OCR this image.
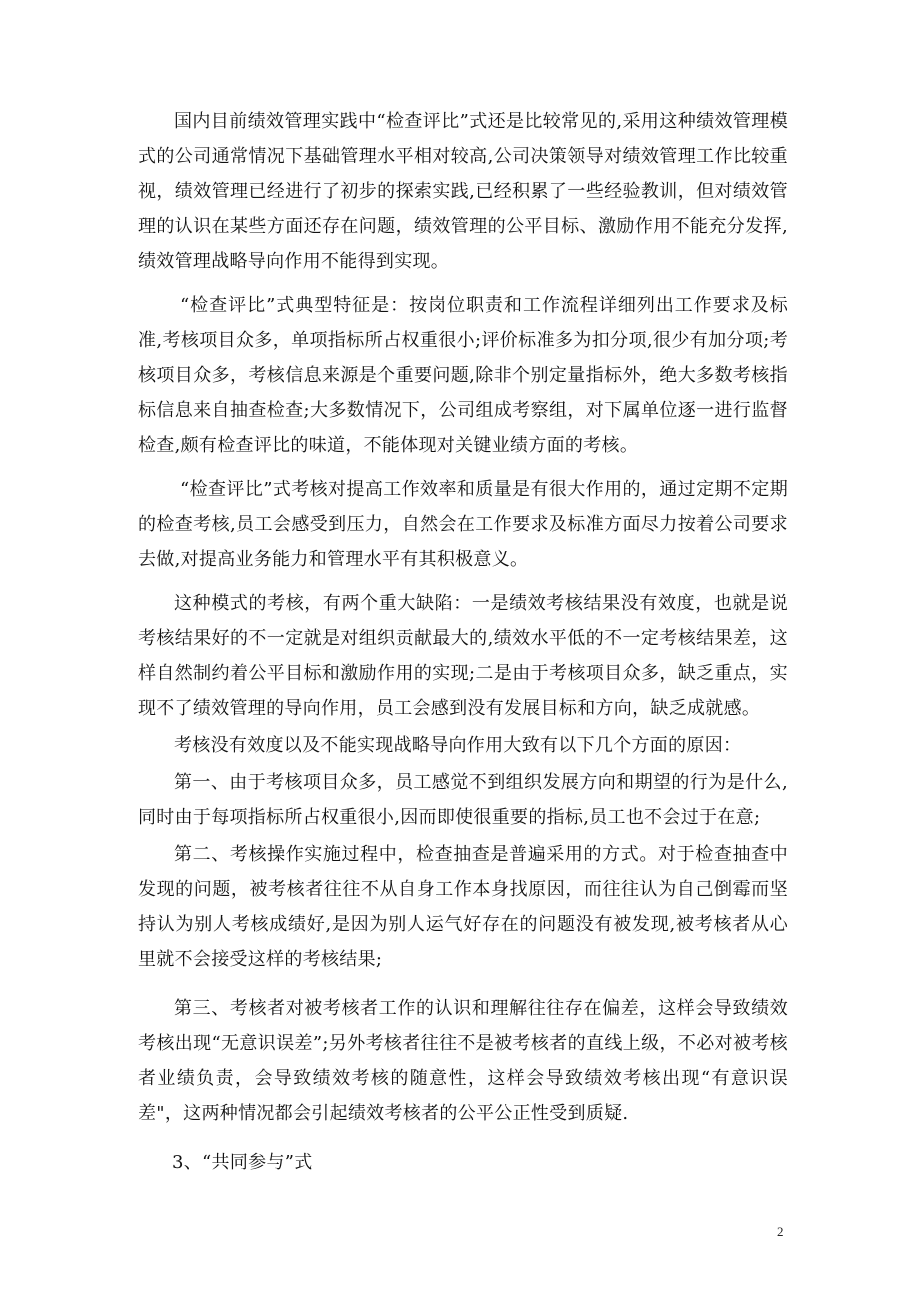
国内目前绩效管理实践中“检查评比”式还是比较常见的,采用这种绩效管理模式的公司通常情况下基础管理水平相对较高,公司决策领导对绩效管理工作比较重视，绩效管理已经进行了初步的探索实践,已经积累了一些经验教训，但对绩效管理的认识在某些方面还存在问题，绩效管理的公平目标、激励作用不能充分发挥,绩效管理战略导向作用不能得到实现。

“检查评比”式典型特征是：按岗位职责和工作流程详细列出工作要求及标准,考核项目众多，单项指标所占权重很小;评价标准多为扣分项,很少有加分项;考核项目众多，考核信息来源是个重要问题,除非个别定量指标外，绝大多数考核指标信息来自抽查检查;大多数情况下，公司组成考察组，对下属单位逐一进行监督检查,颇有检查评比的味道，不能体现对关键业绩方面的考核。

“检查评比”式考核对提高工作效率和质量是有很大作用的，通过定期不定期的检查考核,员工会感受到压力，自然会在工作要求及标准方面尽力按着公司要求去做,对提高业务能力和管理水平有其积极意义。

这种模式的考核，有两个重大缺陷：一是绩效考核结果没有效度，也就是说考核结果好的不一定就是对组织贡献最大的,绩效水平低的不一定考核结果差，这样自然制约着公平目标和激励作用的实现;二是由于考核项目众多，缺乏重点，实现不了绩效管理的导向作用，员工会感到没有发展目标和方向，缺乏成就感。

考核没有效度以及不能实现战略导向作用大致有以下几个方面的原因：

第一、由于考核项目众多，员工感觉不到组织发展方向和期望的行为是什么,同时由于每项指标所占权重很小,因而即使很重要的指标,员工也不会过于在意;

第二、考核操作实施过程中，检查抽查是普遍采用的方式。对于检查抽查中发现的问题，被考核者往往不从自身工作本身找原因，而往往认为自己倒霉而坚持认为别人考核成绩好,是因为别人运气好存在的问题没有被发现,被考核者从心里就不会接受这样的考核结果;

第三、考核者对被考核者工作的认识和理解往往存在偏差，这样会导致绩效考核出现“无意识误差”;另外考核者往往不是被考核者的直线上级，不必对被考核者业绩负责，会导致绩效考核的随意性，这样会导致绩效考核出现“有意识误差"，这两种情况都会引起绩效考核者的公平公正性受到质疑.

3、“共同参与”式
2
